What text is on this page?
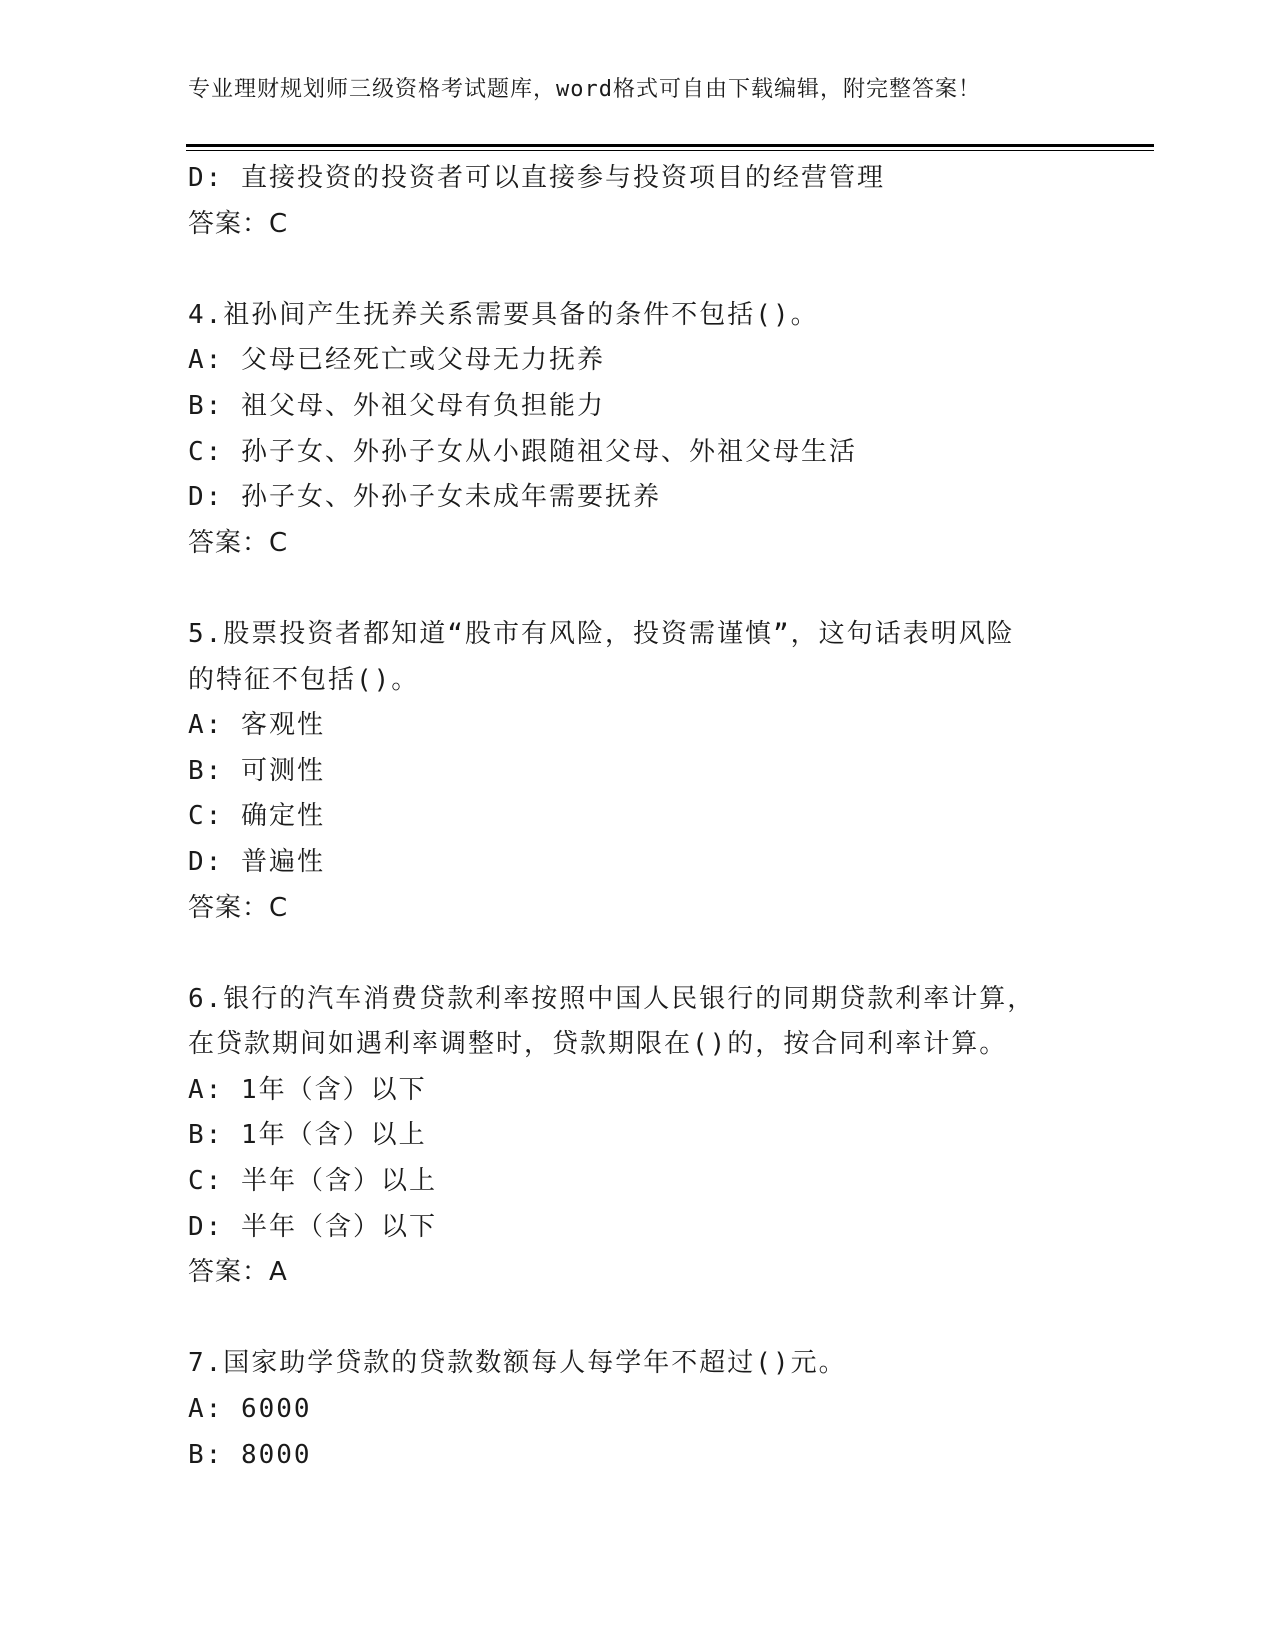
专业理财规划师三级资格考试题库，word格式可自由下载编辑，附完整答案！
D: 直接投资的投资者可以直接参与投资项目的经营管理
答案：C
4.祖孙间产生抚养关系需要具备的条件不包括()。
A: 父母已经死亡或父母无力抚养
B: 祖父母、外祖父母有负担能力
C: 孙子女、外孙子女从小跟随祖父母、外祖父母生活
D: 孙子女、外孙子女未成年需要抚养
答案：C
5.股票投资者都知道“股市有风险，投资需谨慎”，这句话表明风险
的特征不包括()。
A: 客观性
B: 可测性
C: 确定性
D: 普遍性
答案：C
6.银行的汽车消费贷款利率按照中国人民银行的同期贷款利率计算，
在贷款期间如遇利率调整时，贷款期限在()的，按合同利率计算。
A: 1年（含）以下
B: 1年（含）以上
C: 半年（含）以上
D: 半年（含）以下
答案：A
7.国家助学贷款的贷款数额每人每学年不超过()元。
A: 6000
B: 8000
